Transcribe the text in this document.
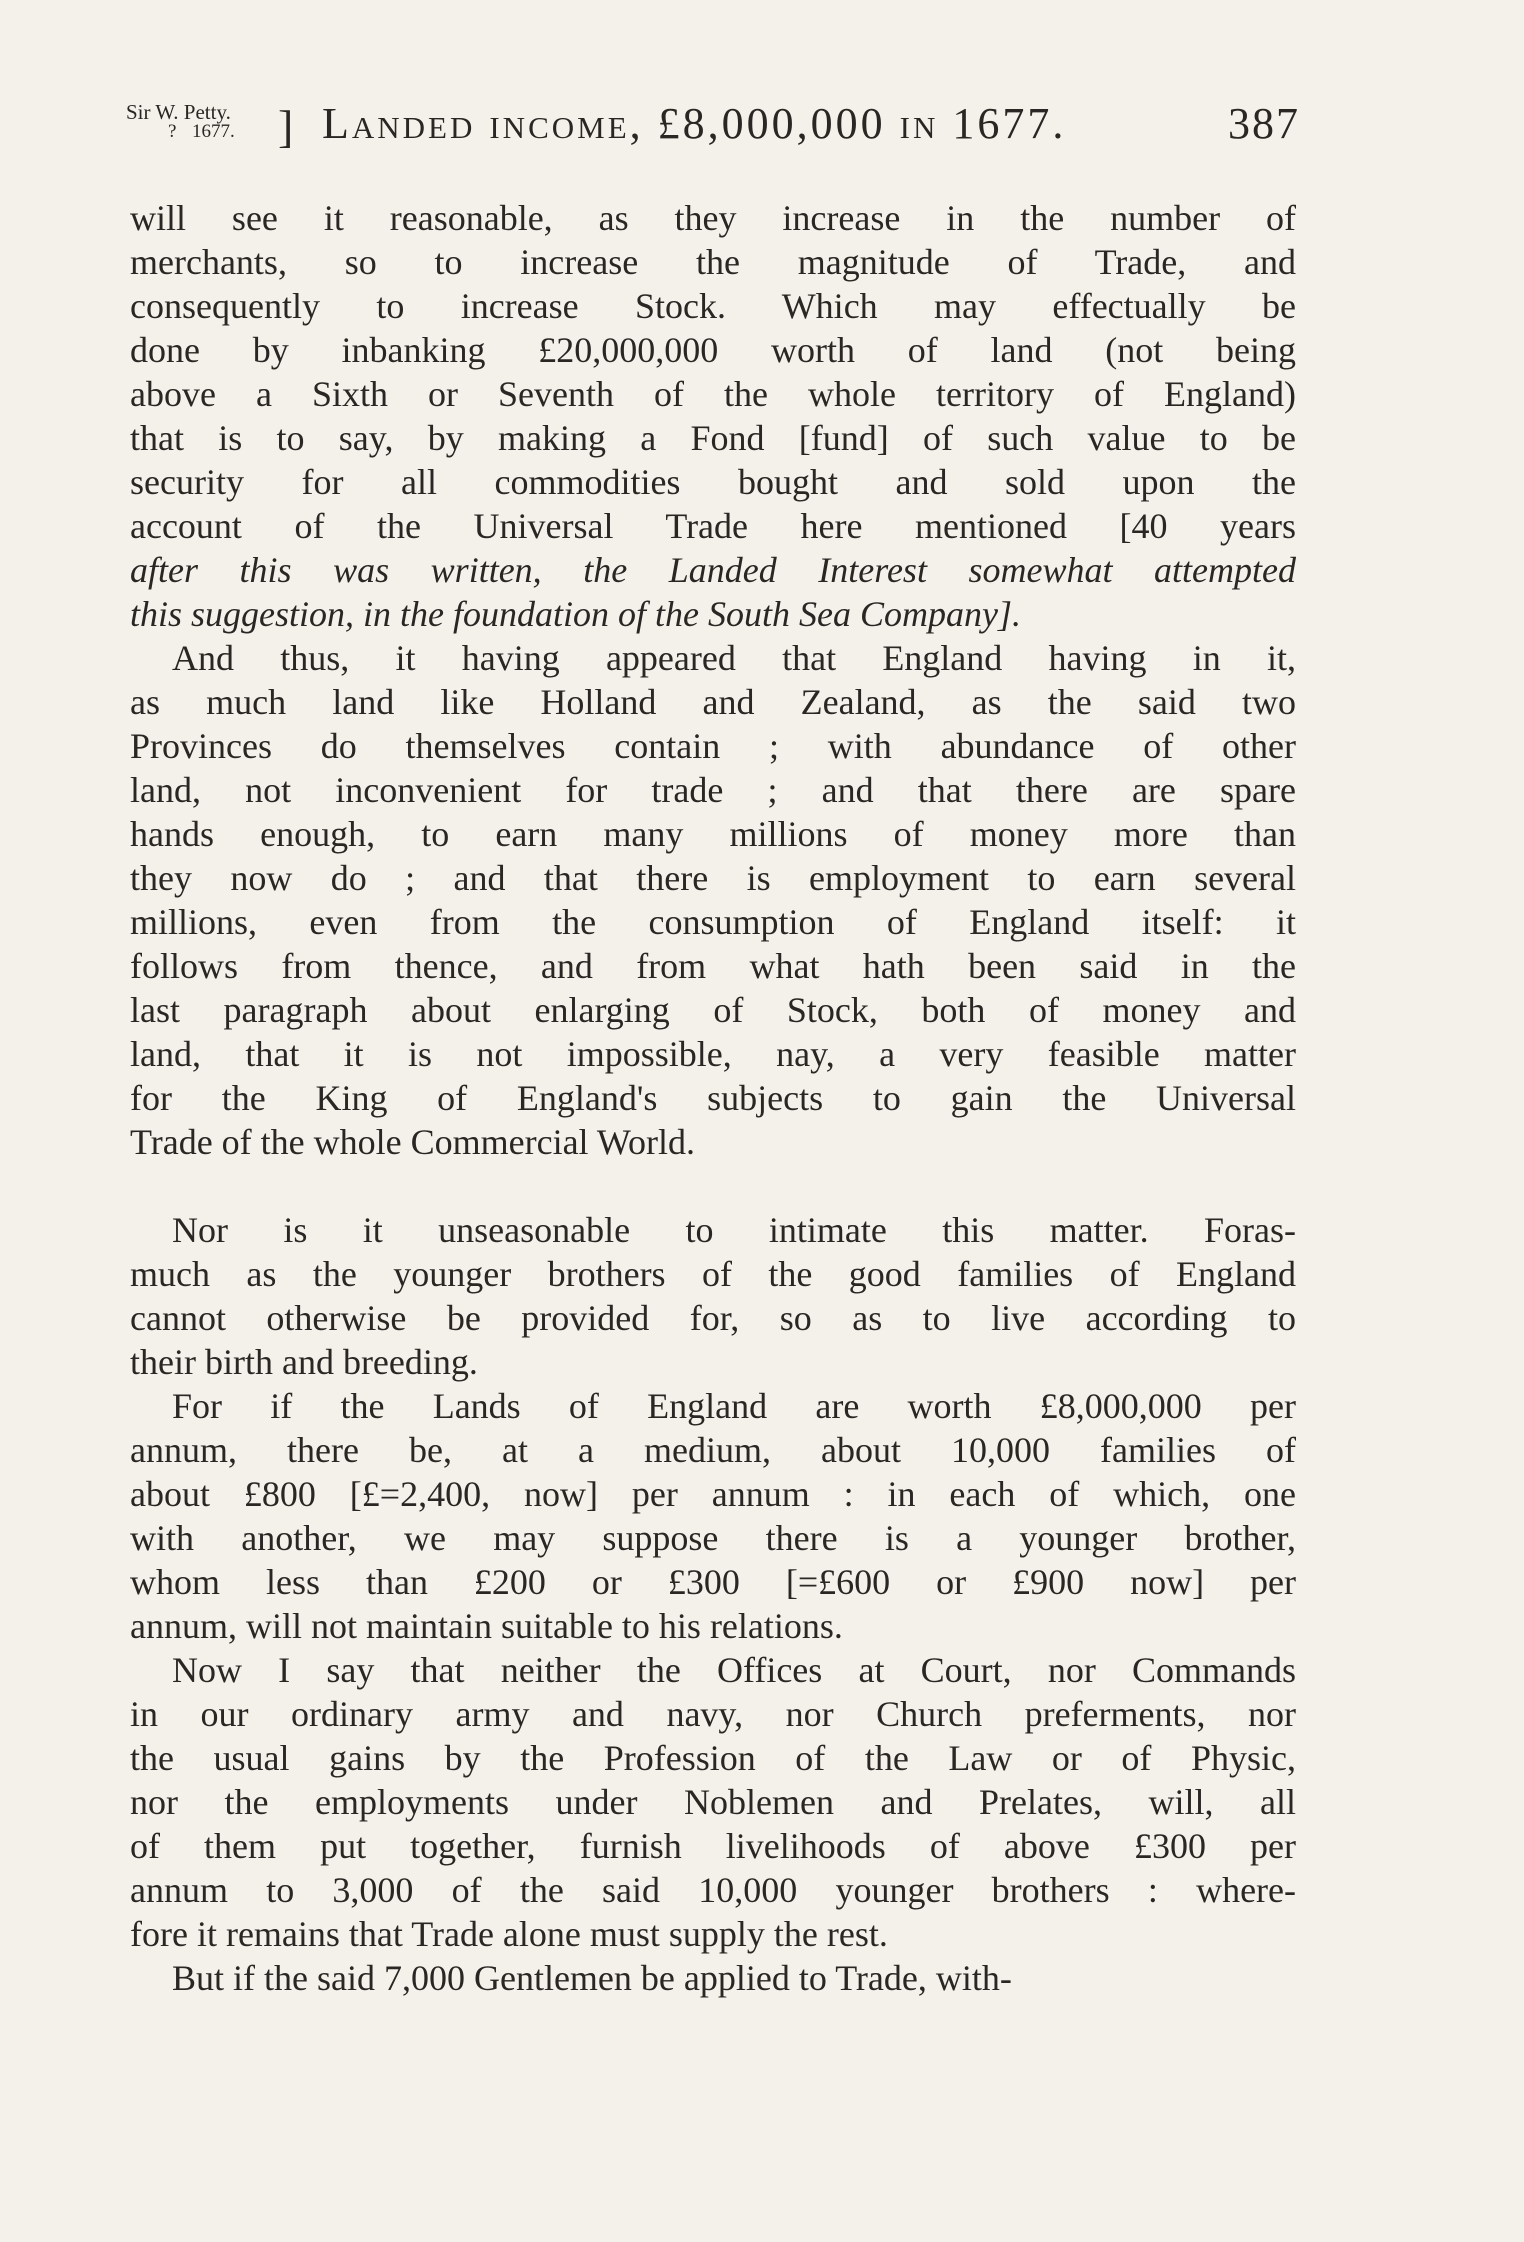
Sir W. Petty.
? 1677. ] Landed income, £8,000,000 in 1677.	387
will see it reasonable, as they increase in the number of
merchants, so to increase the magnitude of Trade, and
consequently to increase Stock. Which may effectually be
done by inbanking £20,000,000 worth of land (not being
above a Sixth or Seventh of the whole territory of England)
that is to say, by making a Fond [fund] of such value to be
security for all commodities bought and sold upon the
account of the Universal Trade here mentioned [40 years
after this was written, the Landed Interest somewhat attempted
this suggestion, in the foundation of the South Sea Company].
And thus, it having appeared that England having in it,
as much land like Holland and Zealand, as the said two
Provinces do themselves contain ; with abundance of other
land, not inconvenient for trade ; and that there are spare
hands enough, to earn many millions of money more than
they now do ; and that there is employment to earn several
millions, even from the consumption of England itself: it
follows from thence, and from what hath been said in the
last paragraph about enlarging of Stock, both of money and
land, that it is not impossible, nay, a very feasible matter
for the King of England's subjects to gain the Universal
Trade of the whole Commercial World.
Nor is it unseasonable to intimate this matter. Foras-
much as the younger brothers of the good families of England
cannot otherwise be provided for, so as to live according to
their birth and breeding.
For if the Lands of England are worth £8,000,000 per
annum, there be, at a medium, about 10,000 families of
about £800 [£=2,400, now] per annum : in each of which, one
with another, we may suppose there is a younger brother,
whom less than £200 or £300 [=£600 or £900 now] per
annum, will not maintain suitable to his relations.
Now I say that neither the Offices at Court, nor Commands
in our ordinary army and navy, nor Church preferments, nor
the usual gains by the Profession of the Law or of Physic,
nor the employments under Noblemen and Prelates, will, all
of them put together, furnish livelihoods of above £300 per
annum to 3,000 of the said 10,000 younger brothers : where-
fore it remains that Trade alone must supply the rest.
But if the said 7,000 Gentlemen be applied to Trade, with-
